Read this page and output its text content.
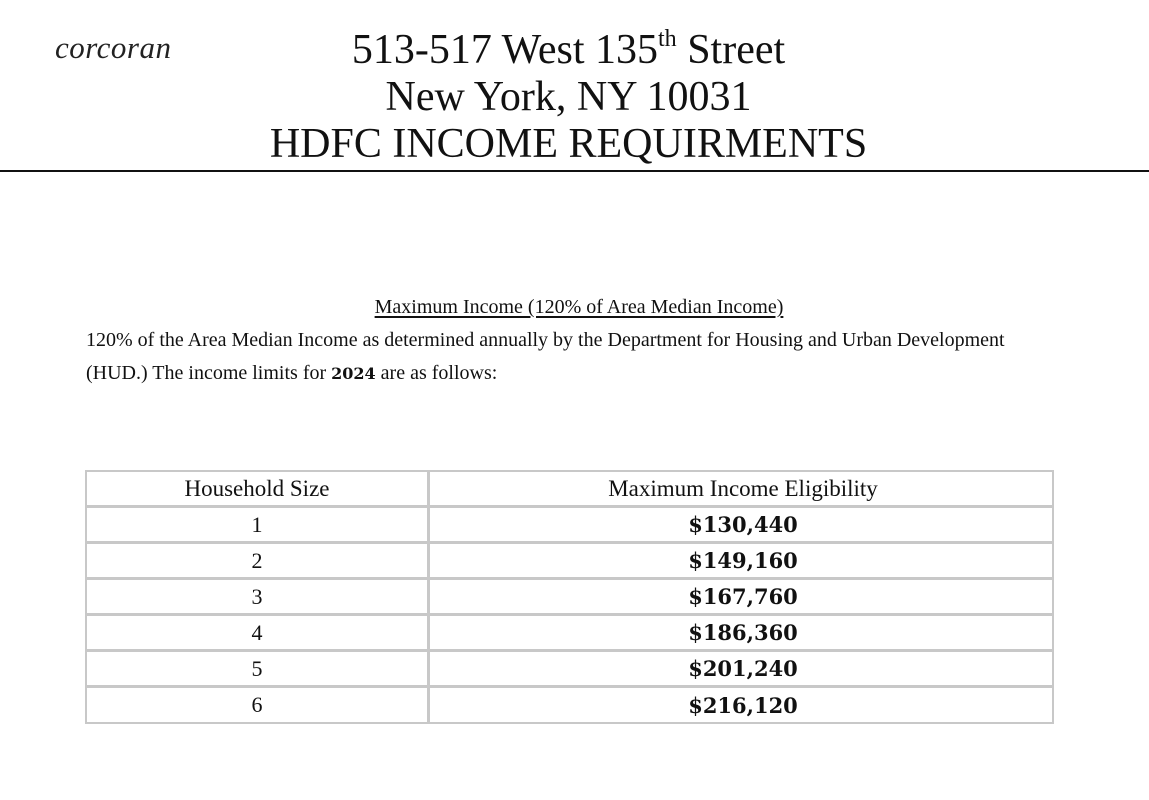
corcoran	513-517 West 135th Street
New York, NY 10031
HDFC INCOME REQUIRMENTS
Maximum Income (120% of Area Median Income)
120% of the Area Median Income as determined annually by the Department for Housing and Urban Development (HUD.) The income limits for 2024 are as follows:
Household Size	Maximum Income Eligibility
1	$130,440
2	$149,160
3	$167,760
4	$186,360
5	$201,240
6	$216,120
